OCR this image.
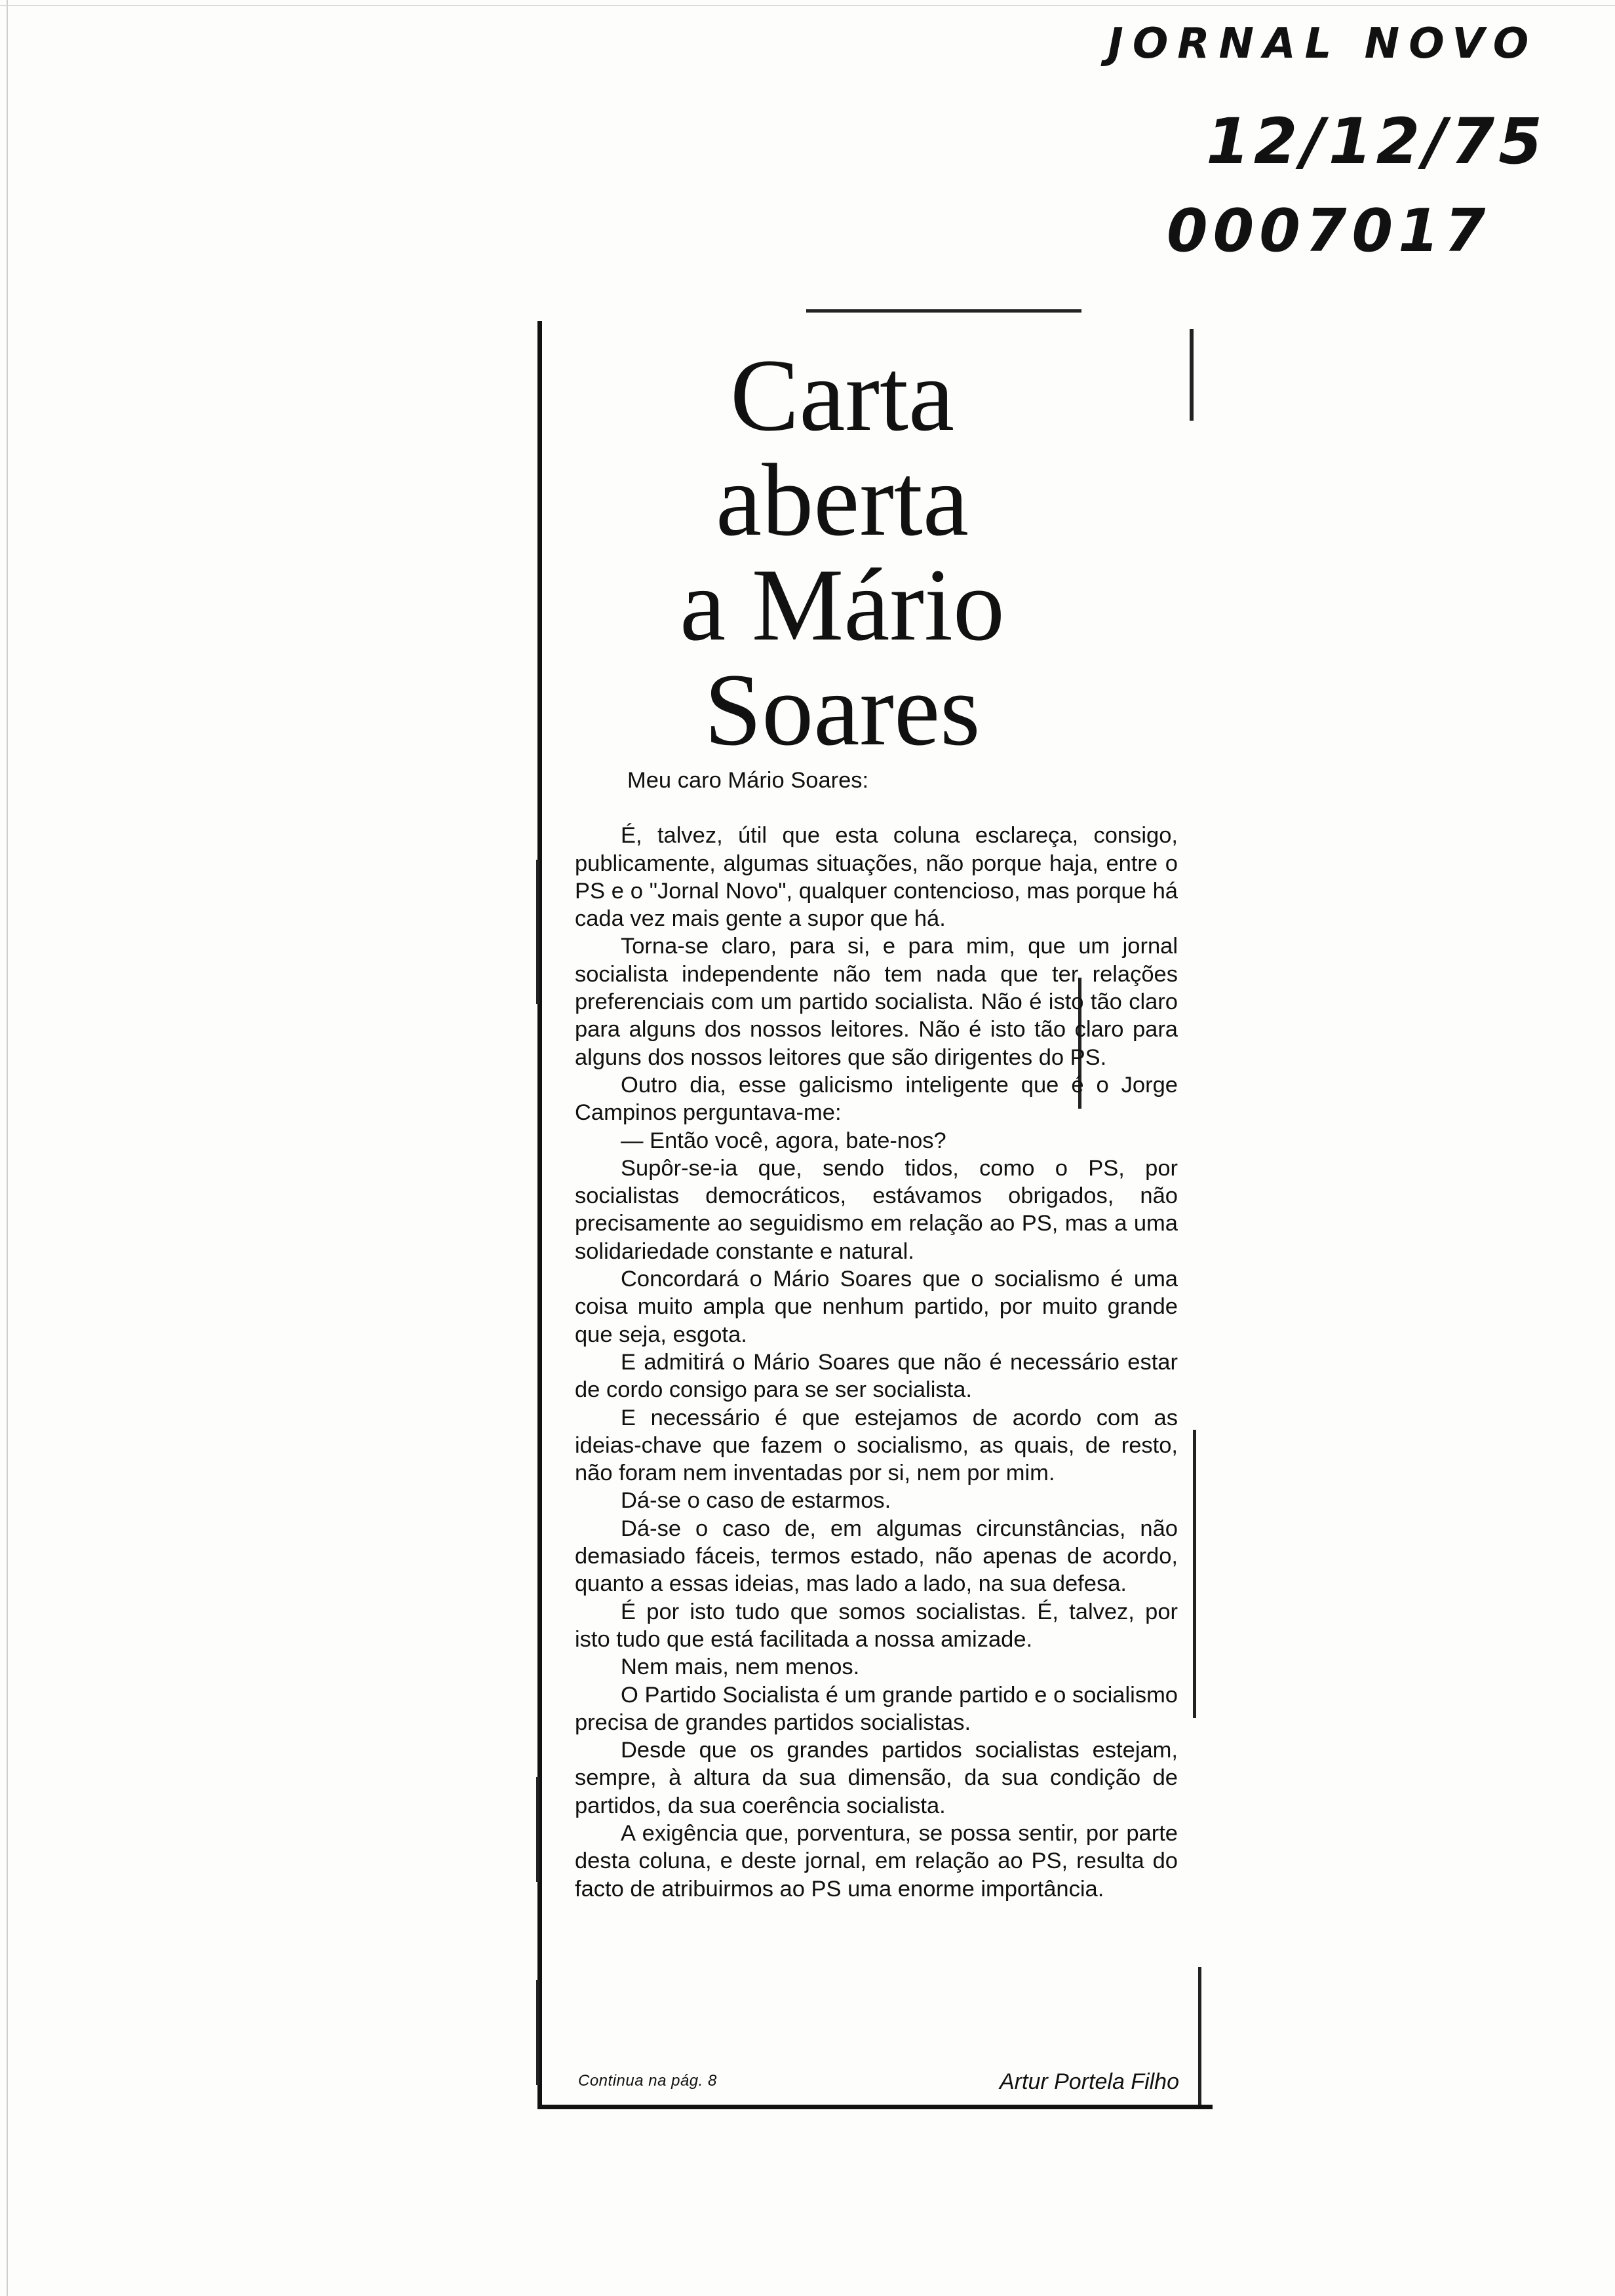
JORNAL NOVO
12/12/75
0007017
Carta
aberta
a Mário
Soares

Meu caro Mário Soares:

É, talvez, útil que esta coluna esclareça, consigo, publicamente, algumas situações, não porque haja, entre o PS e o "Jornal Novo", qualquer contencioso, mas porque há cada vez mais gente a supor que há.

Torna-se claro, para si, e para mim, que um jornal socialista independente não tem nada que ter relações preferenciais com um partido socialista. Não é isto tão claro para alguns dos nossos leitores. Não é isto tão claro para alguns dos nossos leitores que são dirigentes do PS.

Outro dia, esse galicismo inteligente que é o Jorge Campinos perguntava-me:

— Então você, agora, bate-nos?

Supôr-se-ia que, sendo tidos, como o PS, por socialistas democráticos, estávamos obrigados, não precisamente ao seguidismo em relação ao PS, mas a uma solidariedade constante e natural.

Concordará o Mário Soares que o socialismo é uma coisa muito ampla que nenhum partido, por muito grande que seja, esgota.

E admitirá o Mário Soares que não é necessário estar de cordo consigo para se ser socialista.

E necessário é que estejamos de acordo com as ideias-chave que fazem o socialismo, as quais, de resto, não foram nem inventadas por si, nem por mim.

Dá-se o caso de estarmos.

Dá-se o caso de, em algumas circunstâncias, não demasiado fáceis, termos estado, não apenas de acordo, quanto a essas ideias, mas lado a lado, na sua defesa.

É por isto tudo que somos socialistas. É, talvez, por isto tudo que está facilitada a nossa amizade.

Nem mais, nem menos.

O Partido Socialista é um grande partido e o socialismo precisa de grandes partidos socialistas.

Desde que os grandes partidos socialistas estejam, sempre, à altura da sua dimensão, da sua condição de partidos, da sua coerência socialista.

A exigência que, porventura, se possa sentir, por parte desta coluna, e deste jornal, em relação ao PS, resulta do facto de atribuirmos ao PS uma enorme importância.

Continua na pág. 8	Artur Portela Filho
